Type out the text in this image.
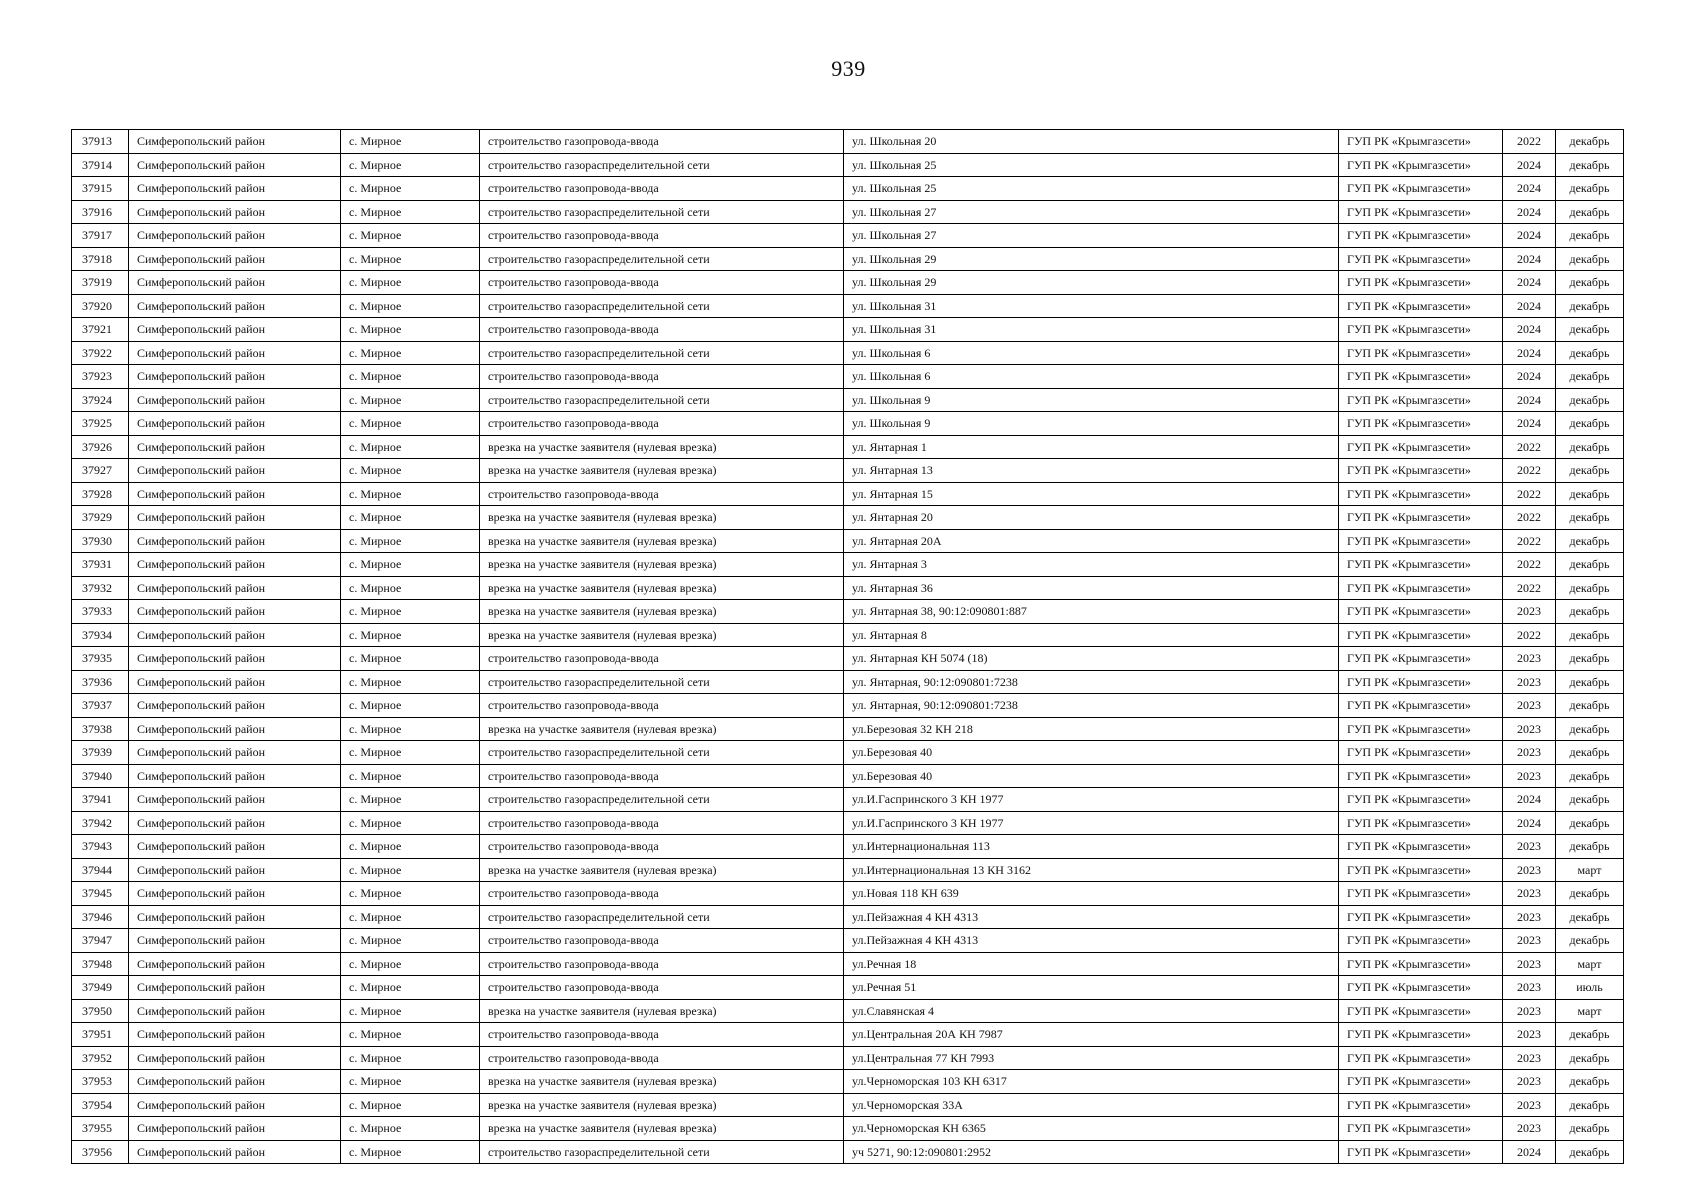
939
37913	Симферопольский район	с. Мирное	строительство газопровода-ввода	ул. Школьная 20	ГУП РК «Крымгазсети»	2022	декабрь
37914	Симферопольский район	с. Мирное	строительство газораспределительной сети	ул. Школьная 25	ГУП РК «Крымгазсети»	2024	декабрь
37915	Симферопольский район	с. Мирное	строительство газопровода-ввода	ул. Школьная 25	ГУП РК «Крымгазсети»	2024	декабрь
37916	Симферопольский район	с. Мирное	строительство газораспределительной сети	ул. Школьная 27	ГУП РК «Крымгазсети»	2024	декабрь
37917	Симферопольский район	с. Мирное	строительство газопровода-ввода	ул. Школьная 27	ГУП РК «Крымгазсети»	2024	декабрь
37918	Симферопольский район	с. Мирное	строительство газораспределительной сети	ул. Школьная 29	ГУП РК «Крымгазсети»	2024	декабрь
37919	Симферопольский район	с. Мирное	строительство газопровода-ввода	ул. Школьная 29	ГУП РК «Крымгазсети»	2024	декабрь
37920	Симферопольский район	с. Мирное	строительство газораспределительной сети	ул. Школьная 31	ГУП РК «Крымгазсети»	2024	декабрь
37921	Симферопольский район	с. Мирное	строительство газопровода-ввода	ул. Школьная 31	ГУП РК «Крымгазсети»	2024	декабрь
37922	Симферопольский район	с. Мирное	строительство газораспределительной сети	ул. Школьная 6	ГУП РК «Крымгазсети»	2024	декабрь
37923	Симферопольский район	с. Мирное	строительство газопровода-ввода	ул. Школьная 6	ГУП РК «Крымгазсети»	2024	декабрь
37924	Симферопольский район	с. Мирное	строительство газораспределительной сети	ул. Школьная 9	ГУП РК «Крымгазсети»	2024	декабрь
37925	Симферопольский район	с. Мирное	строительство газопровода-ввода	ул. Школьная 9	ГУП РК «Крымгазсети»	2024	декабрь
37926	Симферопольский район	с. Мирное	врезка на участке заявителя (нулевая врезка)	ул. Янтарная 1	ГУП РК «Крымгазсети»	2022	декабрь
37927	Симферопольский район	с. Мирное	врезка на участке заявителя (нулевая врезка)	ул. Янтарная 13	ГУП РК «Крымгазсети»	2022	декабрь
37928	Симферопольский район	с. Мирное	строительство газопровода-ввода	ул. Янтарная 15	ГУП РК «Крымгазсети»	2022	декабрь
37929	Симферопольский район	с. Мирное	врезка на участке заявителя (нулевая врезка)	ул. Янтарная 20	ГУП РК «Крымгазсети»	2022	декабрь
37930	Симферопольский район	с. Мирное	врезка на участке заявителя (нулевая врезка)	ул. Янтарная 20А	ГУП РК «Крымгазсети»	2022	декабрь
37931	Симферопольский район	с. Мирное	врезка на участке заявителя (нулевая врезка)	ул. Янтарная 3	ГУП РК «Крымгазсети»	2022	декабрь
37932	Симферопольский район	с. Мирное	врезка на участке заявителя (нулевая врезка)	ул. Янтарная 36	ГУП РК «Крымгазсети»	2022	декабрь
37933	Симферопольский район	с. Мирное	врезка на участке заявителя (нулевая врезка)	ул. Янтарная 38, 90:12:090801:887	ГУП РК «Крымгазсети»	2023	декабрь
37934	Симферопольский район	с. Мирное	врезка на участке заявителя (нулевая врезка)	ул. Янтарная 8	ГУП РК «Крымгазсети»	2022	декабрь
37935	Симферопольский район	с. Мирное	строительство газопровода-ввода	ул. Янтарная КН 5074 (18)	ГУП РК «Крымгазсети»	2023	декабрь
37936	Симферопольский район	с. Мирное	строительство газораспределительной сети	ул. Янтарная, 90:12:090801:7238	ГУП РК «Крымгазсети»	2023	декабрь
37937	Симферопольский район	с. Мирное	строительство газопровода-ввода	ул. Янтарная, 90:12:090801:7238	ГУП РК «Крымгазсети»	2023	декабрь
37938	Симферопольский район	с. Мирное	врезка на участке заявителя (нулевая врезка)	ул.Березовая 32 КН 218	ГУП РК «Крымгазсети»	2023	декабрь
37939	Симферопольский район	с. Мирное	строительство газораспределительной сети	ул.Березовая 40	ГУП РК «Крымгазсети»	2023	декабрь
37940	Симферопольский район	с. Мирное	строительство газопровода-ввода	ул.Березовая 40	ГУП РК «Крымгазсети»	2023	декабрь
37941	Симферопольский район	с. Мирное	строительство газораспределительной сети	ул.И.Гаспринского 3 КН 1977	ГУП РК «Крымгазсети»	2024	декабрь
37942	Симферопольский район	с. Мирное	строительство газопровода-ввода	ул.И.Гаспринского 3 КН 1977	ГУП РК «Крымгазсети»	2024	декабрь
37943	Симферопольский район	с. Мирное	строительство газопровода-ввода	ул.Интернациональная 113	ГУП РК «Крымгазсети»	2023	декабрь
37944	Симферопольский район	с. Мирное	врезка на участке заявителя (нулевая врезка)	ул.Интернациональная 13 КН 3162	ГУП РК «Крымгазсети»	2023	март
37945	Симферопольский район	с. Мирное	строительство газопровода-ввода	ул.Новая 118 КН 639	ГУП РК «Крымгазсети»	2023	декабрь
37946	Симферопольский район	с. Мирное	строительство газораспределительной сети	ул.Пейзажная 4 КН 4313	ГУП РК «Крымгазсети»	2023	декабрь
37947	Симферопольский район	с. Мирное	строительство газопровода-ввода	ул.Пейзажная 4 КН 4313	ГУП РК «Крымгазсети»	2023	декабрь
37948	Симферопольский район	с. Мирное	строительство газопровода-ввода	ул.Речная 18	ГУП РК «Крымгазсети»	2023	март
37949	Симферопольский район	с. Мирное	строительство газопровода-ввода	ул.Речная 51	ГУП РК «Крымгазсети»	2023	июль
37950	Симферопольский район	с. Мирное	врезка на участке заявителя (нулевая врезка)	ул.Славянская 4	ГУП РК «Крымгазсети»	2023	март
37951	Симферопольский район	с. Мирное	строительство газопровода-ввода	ул.Центральная 20А КН 7987	ГУП РК «Крымгазсети»	2023	декабрь
37952	Симферопольский район	с. Мирное	строительство газопровода-ввода	ул.Центральная 77 КН 7993	ГУП РК «Крымгазсети»	2023	декабрь
37953	Симферопольский район	с. Мирное	врезка на участке заявителя (нулевая врезка)	ул.Черноморская 103 КН 6317	ГУП РК «Крымгазсети»	2023	декабрь
37954	Симферопольский район	с. Мирное	врезка на участке заявителя (нулевая врезка)	ул.Черноморская 33А	ГУП РК «Крымгазсети»	2023	декабрь
37955	Симферопольский район	с. Мирное	врезка на участке заявителя (нулевая врезка)	ул.Черноморская КН 6365	ГУП РК «Крымгазсети»	2023	декабрь
37956	Симферопольский район	с. Мирное	строительство газораспределительной сети	уч 5271, 90:12:090801:2952	ГУП РК «Крымгазсети»	2024	декабрь
